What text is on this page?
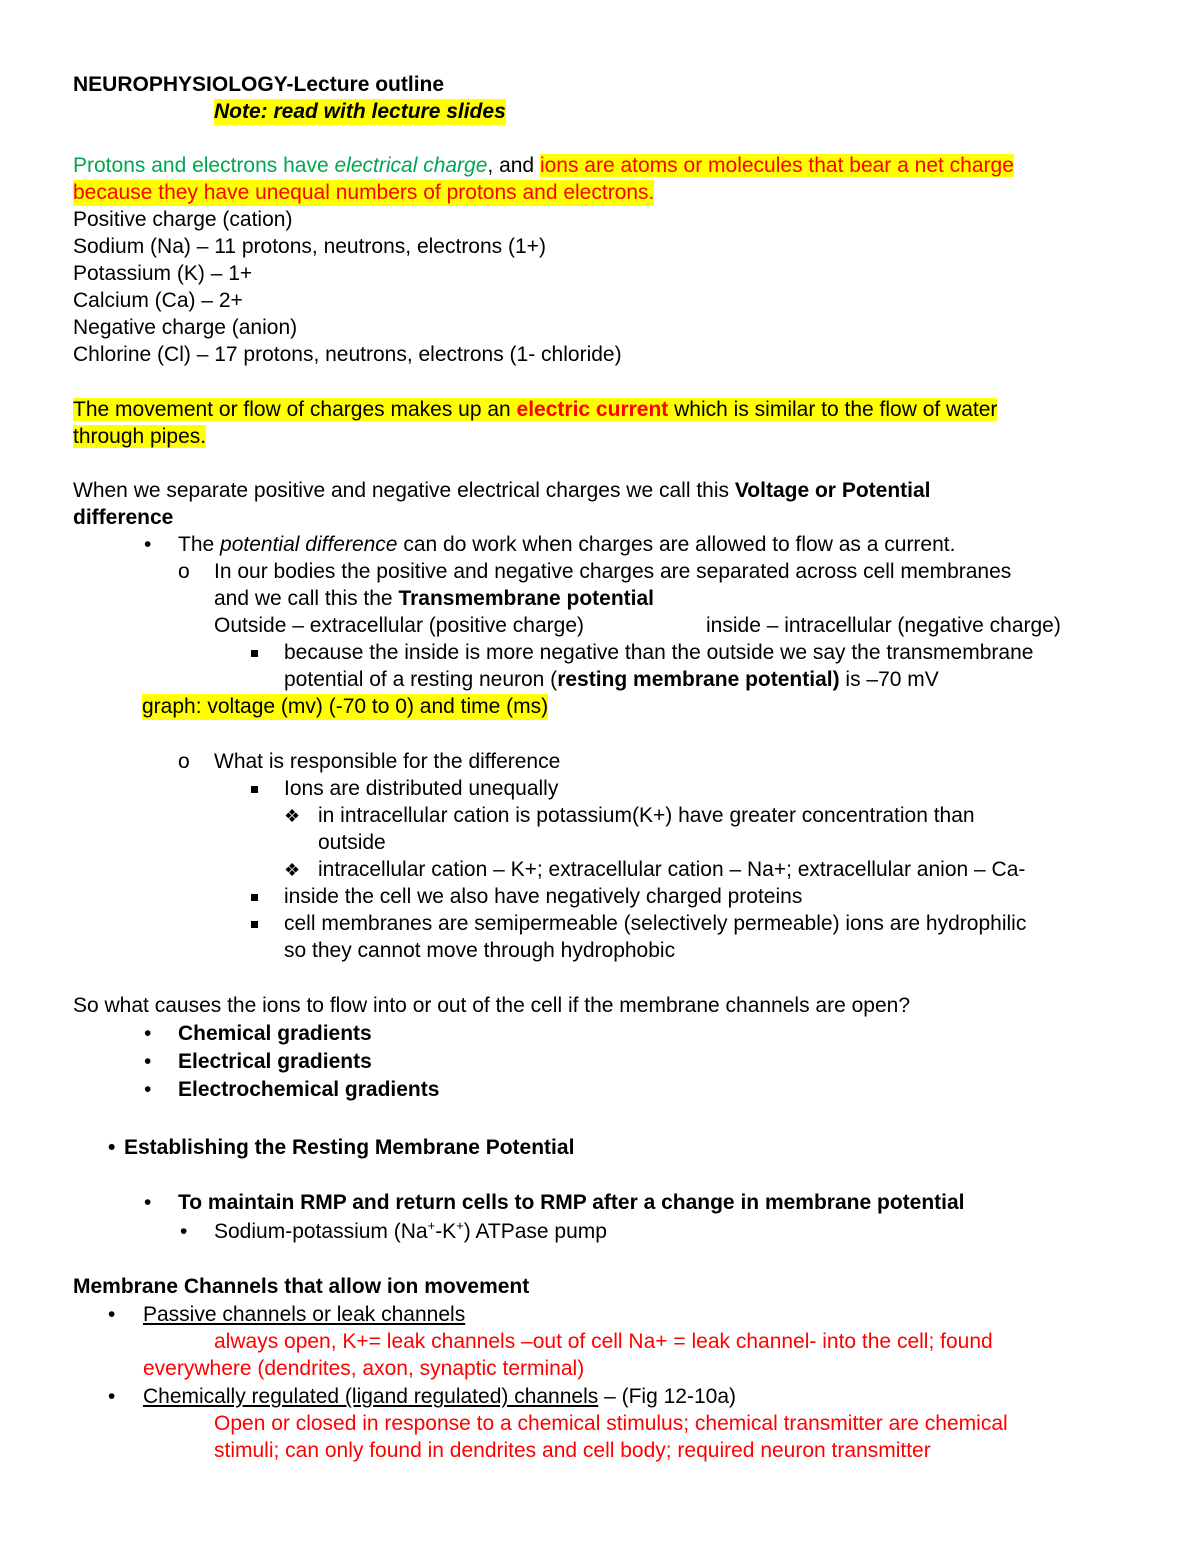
NEUROPHYSIOLOGY-Lecture outline
Note: read with lecture slides
Protons and electrons have electrical charge, and ions are atoms or molecules that bear a net charge
because they have unequal numbers of protons and electrons.
Positive charge (cation)
Sodium (Na) – 11 protons, neutrons, electrons (1+)
Potassium (K) – 1+
Calcium (Ca) – 2+
Negative charge (anion)
Chlorine (Cl) – 17 protons, neutrons, electrons (1- chloride)
The movement or flow of charges makes up an electric current which is similar to the flow of water
through pipes.
When we separate positive and negative electrical charges we call this Voltage or Potential
difference
• The potential difference can do work when charges are allowed to flow as a current.
o In our bodies the positive and negative charges are separated across cell membranes
and we call this the Transmembrane potential
Outside – extracellular (positive charge)	inside – intracellular (negative charge)
because the inside is more negative than the outside we say the transmembrane
potential of a resting neuron (resting membrane potential) is –70 mV
graph: voltage (mv) (-70 to 0) and time (ms)
o What is responsible for the difference
Ions are distributed unequally
❖ in intracellular cation is potassium(K+) have greater concentration than
outside
❖ intracellular cation – K+; extracellular cation – Na+; extracellular anion – Ca-
inside the cell we also have negatively charged proteins
cell membranes are semipermeable (selectively permeable) ions are hydrophilic
so they cannot move through hydrophobic
So what causes the ions to flow into or out of the cell if the membrane channels are open?
• Chemical gradients
• Electrical gradients
• Electrochemical gradients
• Establishing the Resting Membrane Potential
• To maintain RMP and return cells to RMP after a change in membrane potential
• Sodium-potassium (Na+-K+) ATPase pump
Membrane Channels that allow ion movement
• Passive channels or leak channels
always open, K+= leak channels –out of cell Na+ = leak channel- into the cell; found
everywhere (dendrites, axon, synaptic terminal)
• Chemically regulated (ligand regulated) channels – (Fig 12-10a)
Open or closed in response to a chemical stimulus; chemical transmitter are chemical
stimuli; can only found in dendrites and cell body; required neuron transmitter
